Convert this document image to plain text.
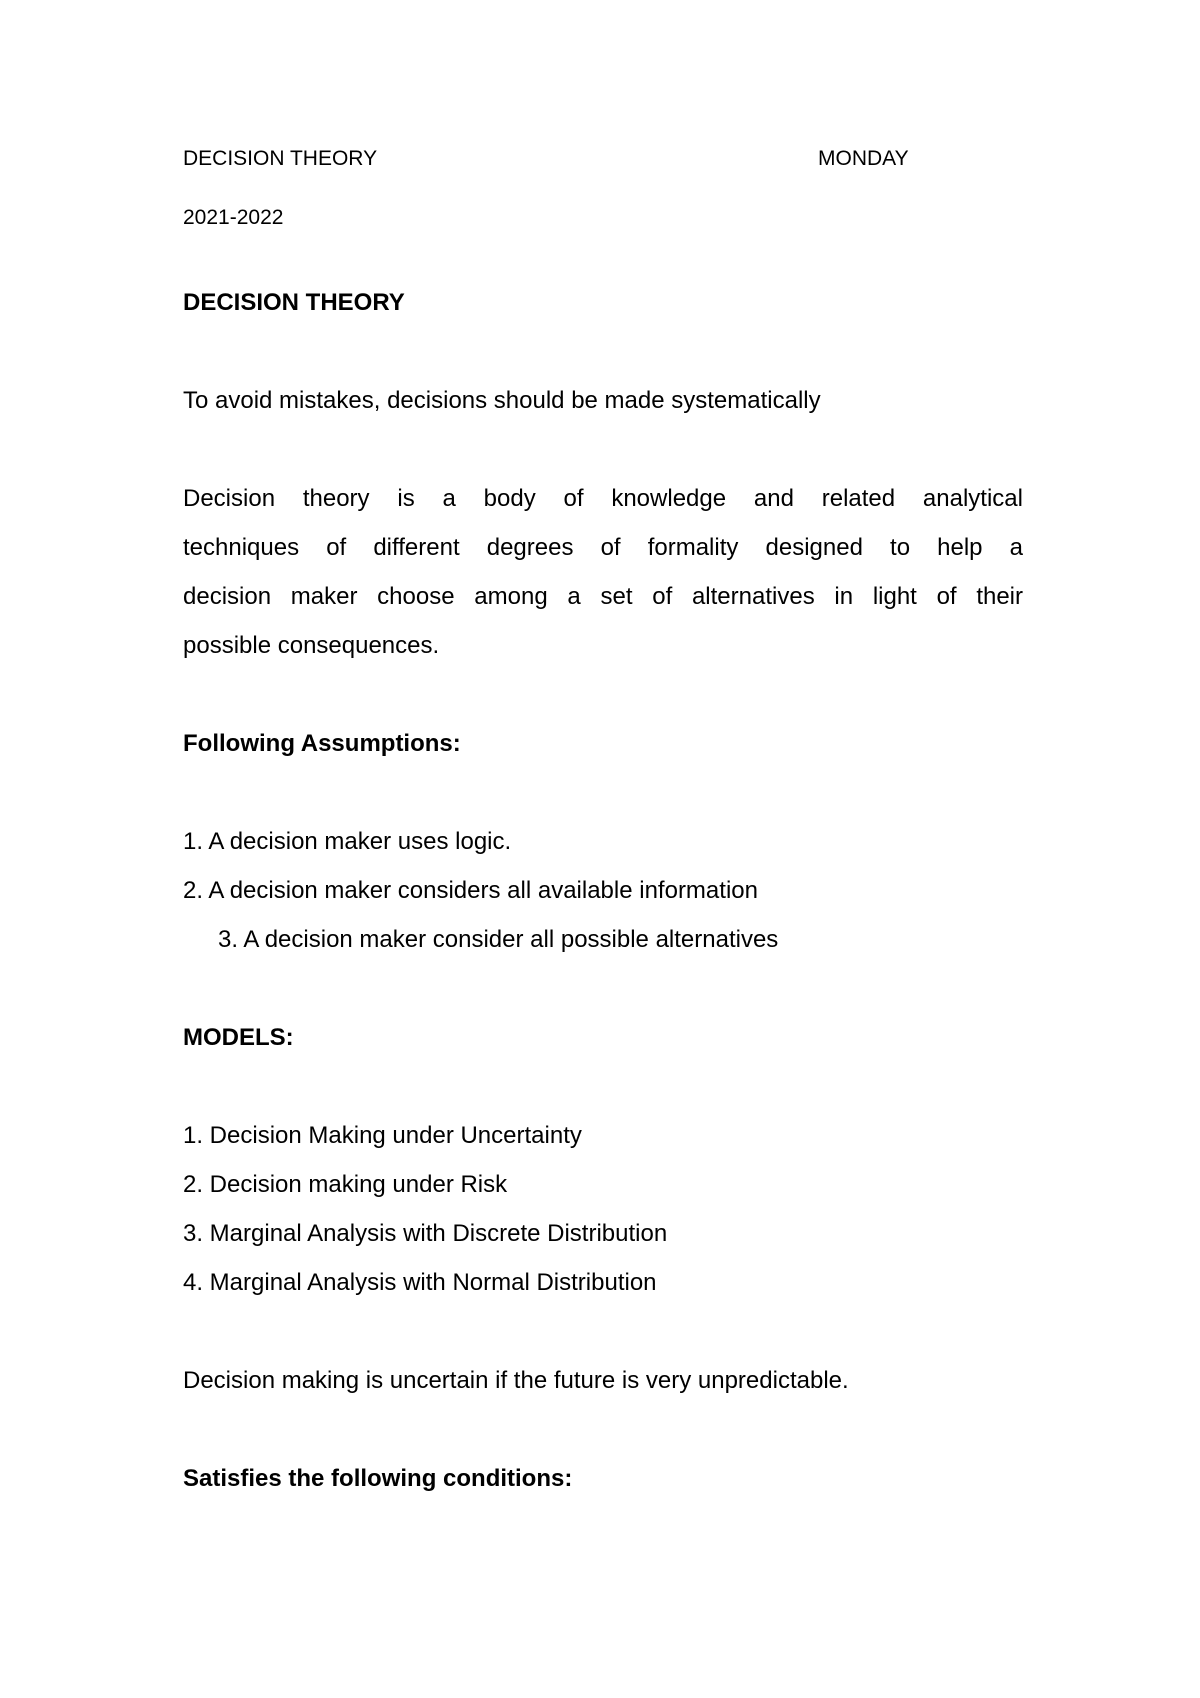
DECISION THEORY	MONDAY
2021-2022
DECISION THEORY
To avoid mistakes, decisions should be made systematically
Decision theory is a body of knowledge and related analytical
techniques of different degrees of formality designed to help a
decision maker choose among a set of alternatives in light of their
possible consequences.
Following Assumptions:
1. A decision maker uses logic.
2. A decision maker considers all available information
3. A decision maker consider all possible alternatives
MODELS:
1. Decision Making under Uncertainty
2. Decision making under Risk
3. Marginal Analysis with Discrete Distribution
4. Marginal Analysis with Normal Distribution
Decision making is uncertain if the future is very unpredictable.
Satisfies the following conditions:
